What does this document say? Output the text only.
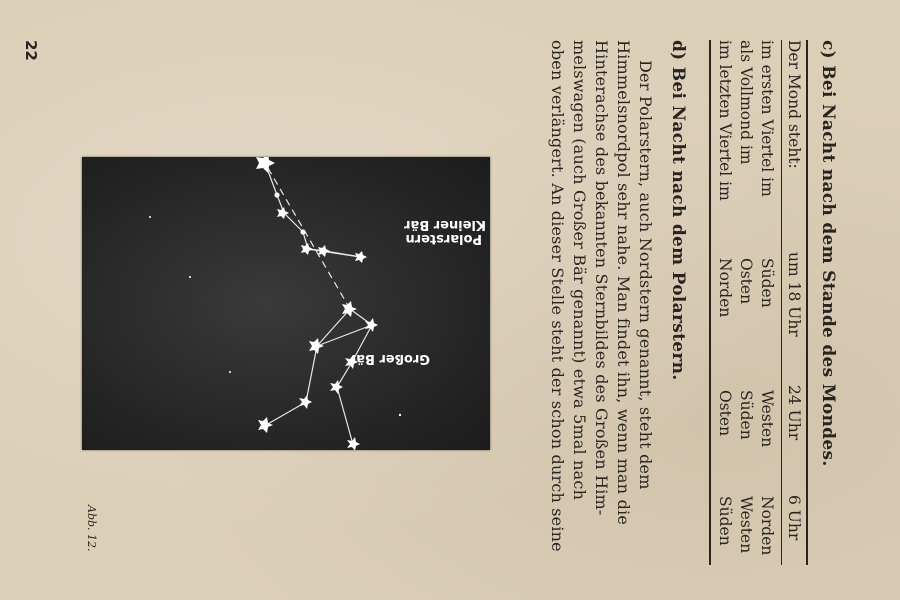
c) Bei Nacht nach dem Stande des Mondes.
Der Mond steht:
um 18 Uhr
24 Uhr
6 Uhr
im ersten Viertel im
Süden
Westen
Norden
als Vollmond im
Osten
Süden
Westen
im letzten Viertel im
Norden
Osten
Süden
d) Bei Nacht nach dem Polarstern.
Der Polarstern, auch Nordstern genannt, steht dem
Himmelsnordpol sehr nahe. Man findet ihn, wenn man die
Hinterachse des bekannten Sternbildes des Großen Him-
melswagen (auch Großer Bär genannt) etwa 5mal nach
oben verlängert. An dieser Stelle steht der schon durch seine
Polarstern
Kleiner Bär
Großer Bär
Abb. 12.
22
